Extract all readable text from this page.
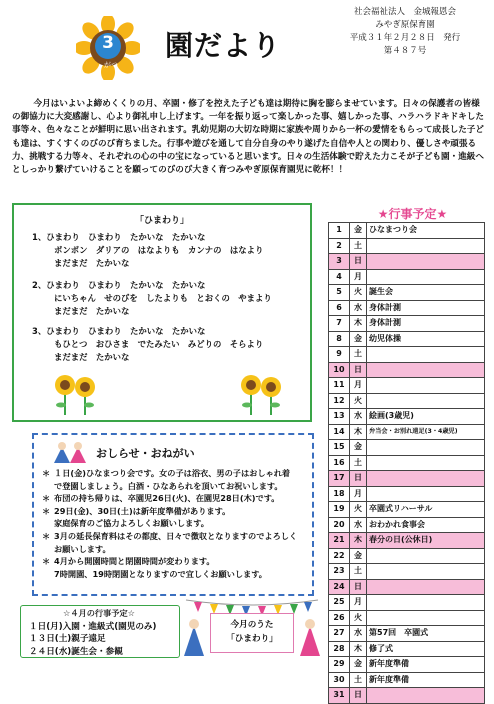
3
がつ
園だより
社会福祉法人　金城報恩会
みやぎ原保育園
平成３１年２月２８日　発行
第４８７号
今月はいよいよ締めくくりの月、卒園・修了を控えた子ども達は期待に胸を膨らませています。日々の保護者の皆様の御協力に大変感謝し、心より御礼申し上げます。一年を振り返って楽しかった事、嬉しかった事、ハラハラドキドキした事等々、色々なことが鮮明に思い出されます。乳幼児期の大切な時期に家族や周りから一杯の愛情をもらって成長した子ども達は、すくすくのびのび育ちました。行事や遊びを通して自分自身のやり遂げた自信や人との関わり、優しさや頑張る力、挑戦する力等々、それぞれの心の中の宝になっていると思います。日々の生活体験で貯えた力こそが子ども園・進級へとしっかり繋げていけることを願ってのびのび大きく育つみやぎ原保育園児に乾杯！！
「ひまわり」
1、ひまわり　ひまわり　たかいな　たかいな
ポンポン　ダリアの　はなよりも　カンナの　はなより
まだまだ　たかいな
2、ひまわり　ひまわり　たかいな　たかいな
にいちゃん　せのびを　したよりも　とおくの　やまより
まだまだ　たかいな
3、ひまわり　ひまわり　たかいな　たかいな
もひとつ　おひさま　でたみたい　みどりの　そらより
まだまだ　たかいな
おしらせ・おねがい
＊ １日(金)ひなまつり会です。女の子は浴衣、男の子はおしゃれ着
で登園しましょう。白酒・ひなあられを頂いてお祝いします。
＊ 布団の持ち帰りは、卒園児26日(火)、在園児28日(木)です。
＊ 29日(金)、30日(土)は新年度準備があります。
家庭保育のご協力よろしくお願いします。
＊ 3月の延長保育料はその都度、日々で徴収となりますのでよろしく
お願いします。
＊ 4月から開園時間と閉園時間が変わります。
7時開園、19時閉園となりますので宜しくお願いします。
☆４月の行事予定☆
１日(月)入園・進級式(園児のみ)
１３日(土)親子遠足
２４日(水)誕生会・参観
今月のうた
「ひまわり」
★行事予定★
1	金	ひなまつり会
2	土	
3	日	
4	月	
5	火	誕生会
6	水	身体計測
7	木	身体計測
8	金	幼児体操
9	土	
10	日	
11	月	
12	火	
13	水	絵画(3歳児)
14	木	弁当会・お別れ遠足(3・4歳児)
15	金	
16	土	
17	日	
18	月	
19	火	卒園式リハーサル
20	水	おわかれ食事会
21	木	春分の日(公休日)
22	金	
23	土	
24	日	
25	月	
26	火	
27	水	第57回　卒園式
28	木	修了式
29	金	新年度準備
30	土	新年度準備
31	日	
